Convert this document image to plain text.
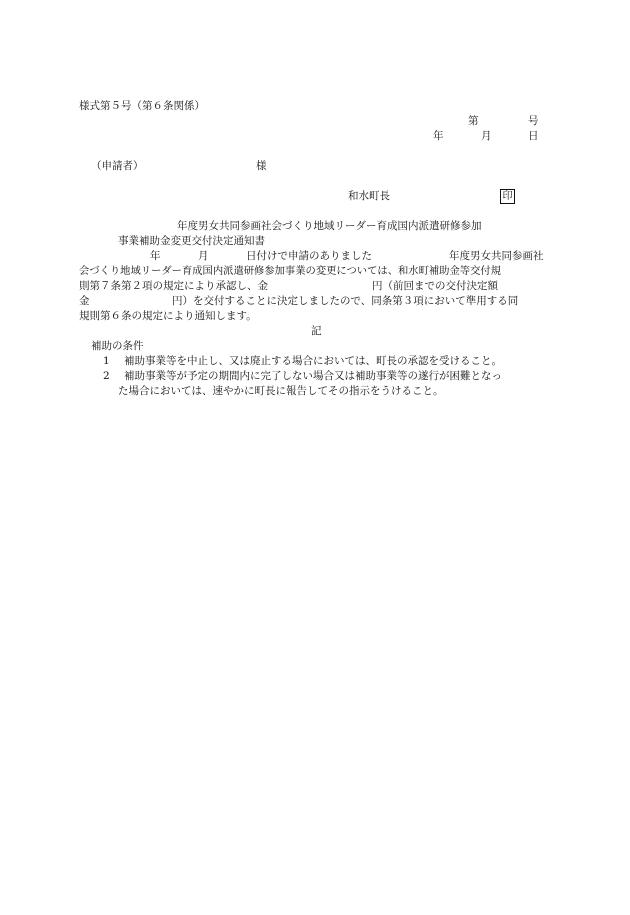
様式第５号（第６条関係）
第	号
年	月	日
（申請者）	様
和水町長	印
年度男女共同参画社会づくり地域リーダー育成国内派遣研修参加
事業補助金変更交付決定通知書
年	月	日付けで申請のありました	年度男女共同参画社
会づくり地域リーダー育成国内派遣研修参加事業の変更については、和水町補助金等交付規
則第７条第２項の規定により承認し、金	円（前回までの交付決定額
金	円）を交付することに決定しましたので、同条第３項において準用する同
規則第６条の規定により通知します。
記
補助の条件
1 補助事業等を中止し、又は廃止する場合においては、町長の承認を受けること。
2 補助事業等が予定の期間内に完了しない場合又は補助事業等の遂行が困難となっ
た場合においては、速やかに町長に報告してその指示をうけること。
